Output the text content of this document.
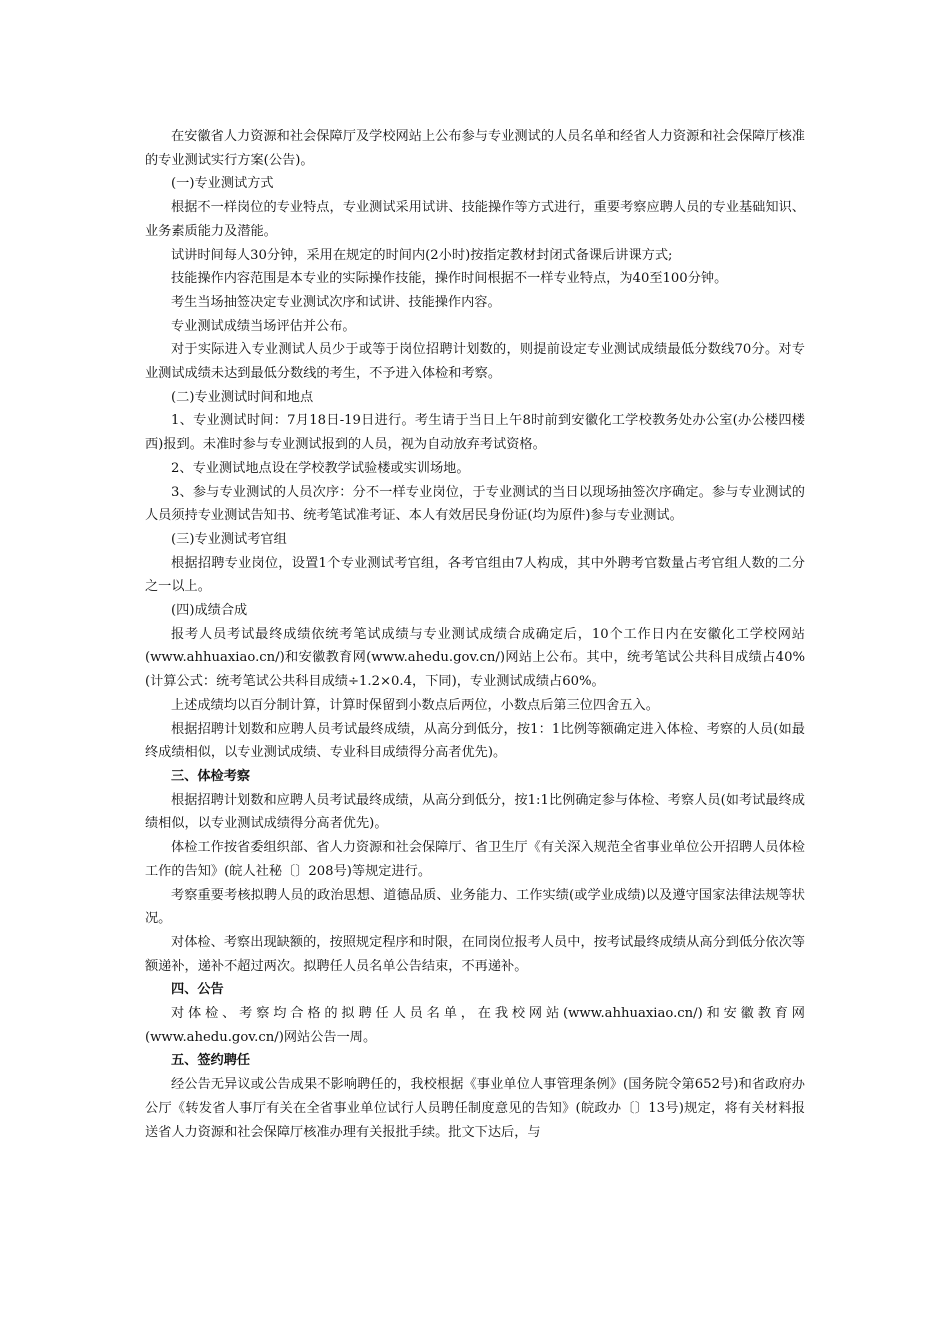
在安徽省人力资源和社会保障厅及学校网站上公布参与专业测试的人员名单和经省人力资源和社会保障厅核准的专业测试实行方案(公告)。

(一)专业测试方式

根据不一样岗位的专业特点，专业测试采用试讲、技能操作等方式进行，重要考察应聘人员的专业基础知识、业务素质能力及潜能。

试讲时间每人30分钟，采用在规定的时间内(2小时)按指定教材封闭式备课后讲课方式;

技能操作内容范围是本专业的实际操作技能，操作时间根据不一样专业特点，为40至100分钟。

考生当场抽签决定专业测试次序和试讲、技能操作内容。

专业测试成绩当场评估并公布。

对于实际进入专业测试人员少于或等于岗位招聘计划数的，则提前设定专业测试成绩最低分数线70分。对专业测试成绩未达到最低分数线的考生，不予进入体检和考察。

(二)专业测试时间和地点

1、专业测试时间：7月18日-19日进行。考生请于当日上午8时前到安徽化工学校教务处办公室(办公楼四楼西)报到。未准时参与专业测试报到的人员，视为自动放弃考试资格。

2、专业测试地点设在学校教学试验楼或实训场地。

3、参与专业测试的人员次序：分不一样专业岗位，于专业测试的当日以现场抽签次序确定。参与专业测试的人员须持专业测试告知书、统考笔试准考证、本人有效居民身份证(均为原件)参与专业测试。

(三)专业测试考官组

根据招聘专业岗位，设置1个专业测试考官组，各考官组由7人构成，其中外聘考官数量占考官组人数的二分之一以上。

(四)成绩合成

报考人员考试最终成绩依统考笔试成绩与专业测试成绩合成确定后，10个工作日内在安徽化工学校网站(www.ahhuaxiao.cn/)和安徽教育网(www.ahedu.gov.cn/)网站上公布。其中，统考笔试公共科目成绩占40%(计算公式：统考笔试公共科目成绩÷1.2×0.4，下同)，专业测试成绩占60%。

上述成绩均以百分制计算，计算时保留到小数点后两位，小数点后第三位四舍五入。

根据招聘计划数和应聘人员考试最终成绩，从高分到低分，按1：1比例等额确定进入体检、考察的人员(如最终成绩相似，以专业测试成绩、专业科目成绩得分高者优先)。

三、体检考察

根据招聘计划数和应聘人员考试最终成绩，从高分到低分，按1:1比例确定参与体检、考察人员(如考试最终成绩相似，以专业测试成绩得分高者优先)。

体检工作按省委组织部、省人力资源和社会保障厅、省卫生厅《有关深入规范全省事业单位公开招聘人员体检工作的告知》(皖人社秘〔〕208号)等规定进行。

考察重要考核拟聘人员的政治思想、道德品质、业务能力、工作实绩(或学业成绩)以及遵守国家法律法规等状况。

对体检、考察出现缺额的，按照规定程序和时限，在同岗位报考人员中，按考试最终成绩从高分到低分依次等额递补，递补不超过两次。拟聘任人员名单公告结束，不再递补。

四、公告

对体检、考察均合格的拟聘任人员名单，在我校网站(www.ahhuaxiao.cn/)和安徽教育网(www.ahedu.gov.cn/)网站公告一周。

五、签约聘任

经公告无异议或公告成果不影响聘任的，我校根据《事业单位人事管理条例》(国务院令第652号)和省政府办公厅《转发省人事厅有关在全省事业单位试行人员聘任制度意见的告知》(皖政办〔〕13号)规定，将有关材料报送省人力资源和社会保障厅核准办理有关报批手续。批文下达后，与
